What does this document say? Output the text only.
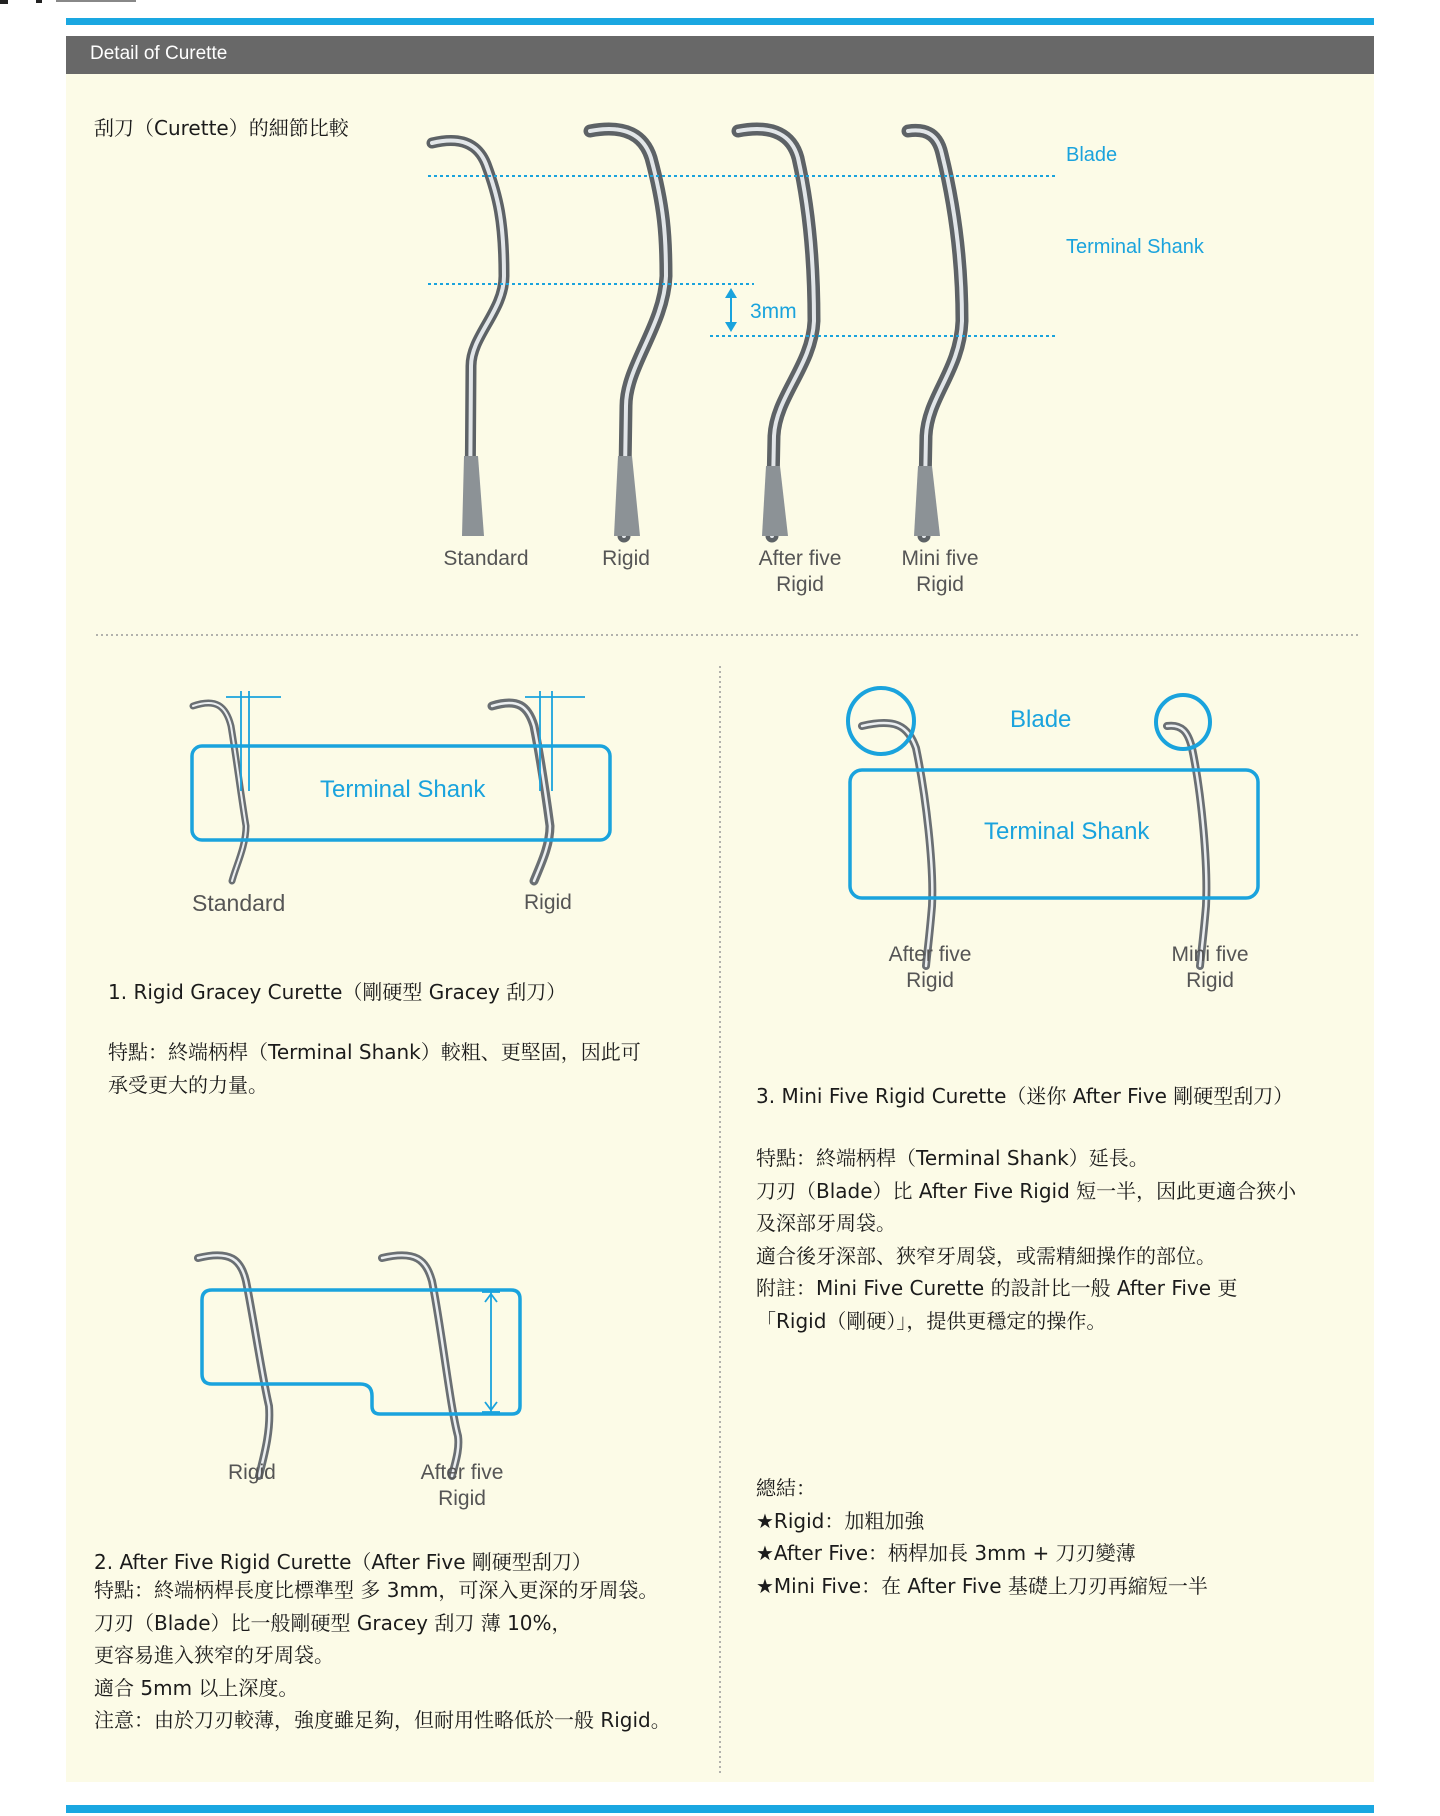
Detail of Curette
刮刀（Curette）的細節比較
Blade
Terminal Shank
3mm
Standard	Rigid	After five
Rigid
Mini five
Rigid
Terminal Shank
Standard	Rigid
1. Rigid Gracey Curette（剛硬型 Gracey 刮刀）
特點：終端柄桿（Terminal Shank）較粗、更堅固，因此可
承受更大的力量。
Rigid	After five
Rigid
2. After Five Rigid Curette（After Five 剛硬型刮刀）
特點：終端柄桿長度比標準型 多 3mm，可深入更深的牙周袋。
刀刃（Blade）比一般剛硬型 Gracey 刮刀 薄 10%，
更容易進入狹窄的牙周袋。
適合 5mm 以上深度。
注意：由於刀刃較薄，強度雖足夠，但耐用性略低於一般 Rigid。
Blade
Terminal Shank
After five
Rigid
Mini five
Rigid
3. Mini Five Rigid Curette（迷你 After Five 剛硬型刮刀）
特點：終端柄桿（Terminal Shank）延長。
刀刃（Blade）比 After Five Rigid 短一半，因此更適合狹小
及深部牙周袋。
適合後牙深部、狹窄牙周袋，或需精細操作的部位。
附註：Mini Five Curette 的設計比一般 After Five 更
「Rigid（剛硬）」，提供更穩定的操作。
總結：
★Rigid：加粗加強
★After Five：柄桿加長 3mm + 刀刃變薄
★Mini Five：在 After Five 基礎上刀刃再縮短一半
